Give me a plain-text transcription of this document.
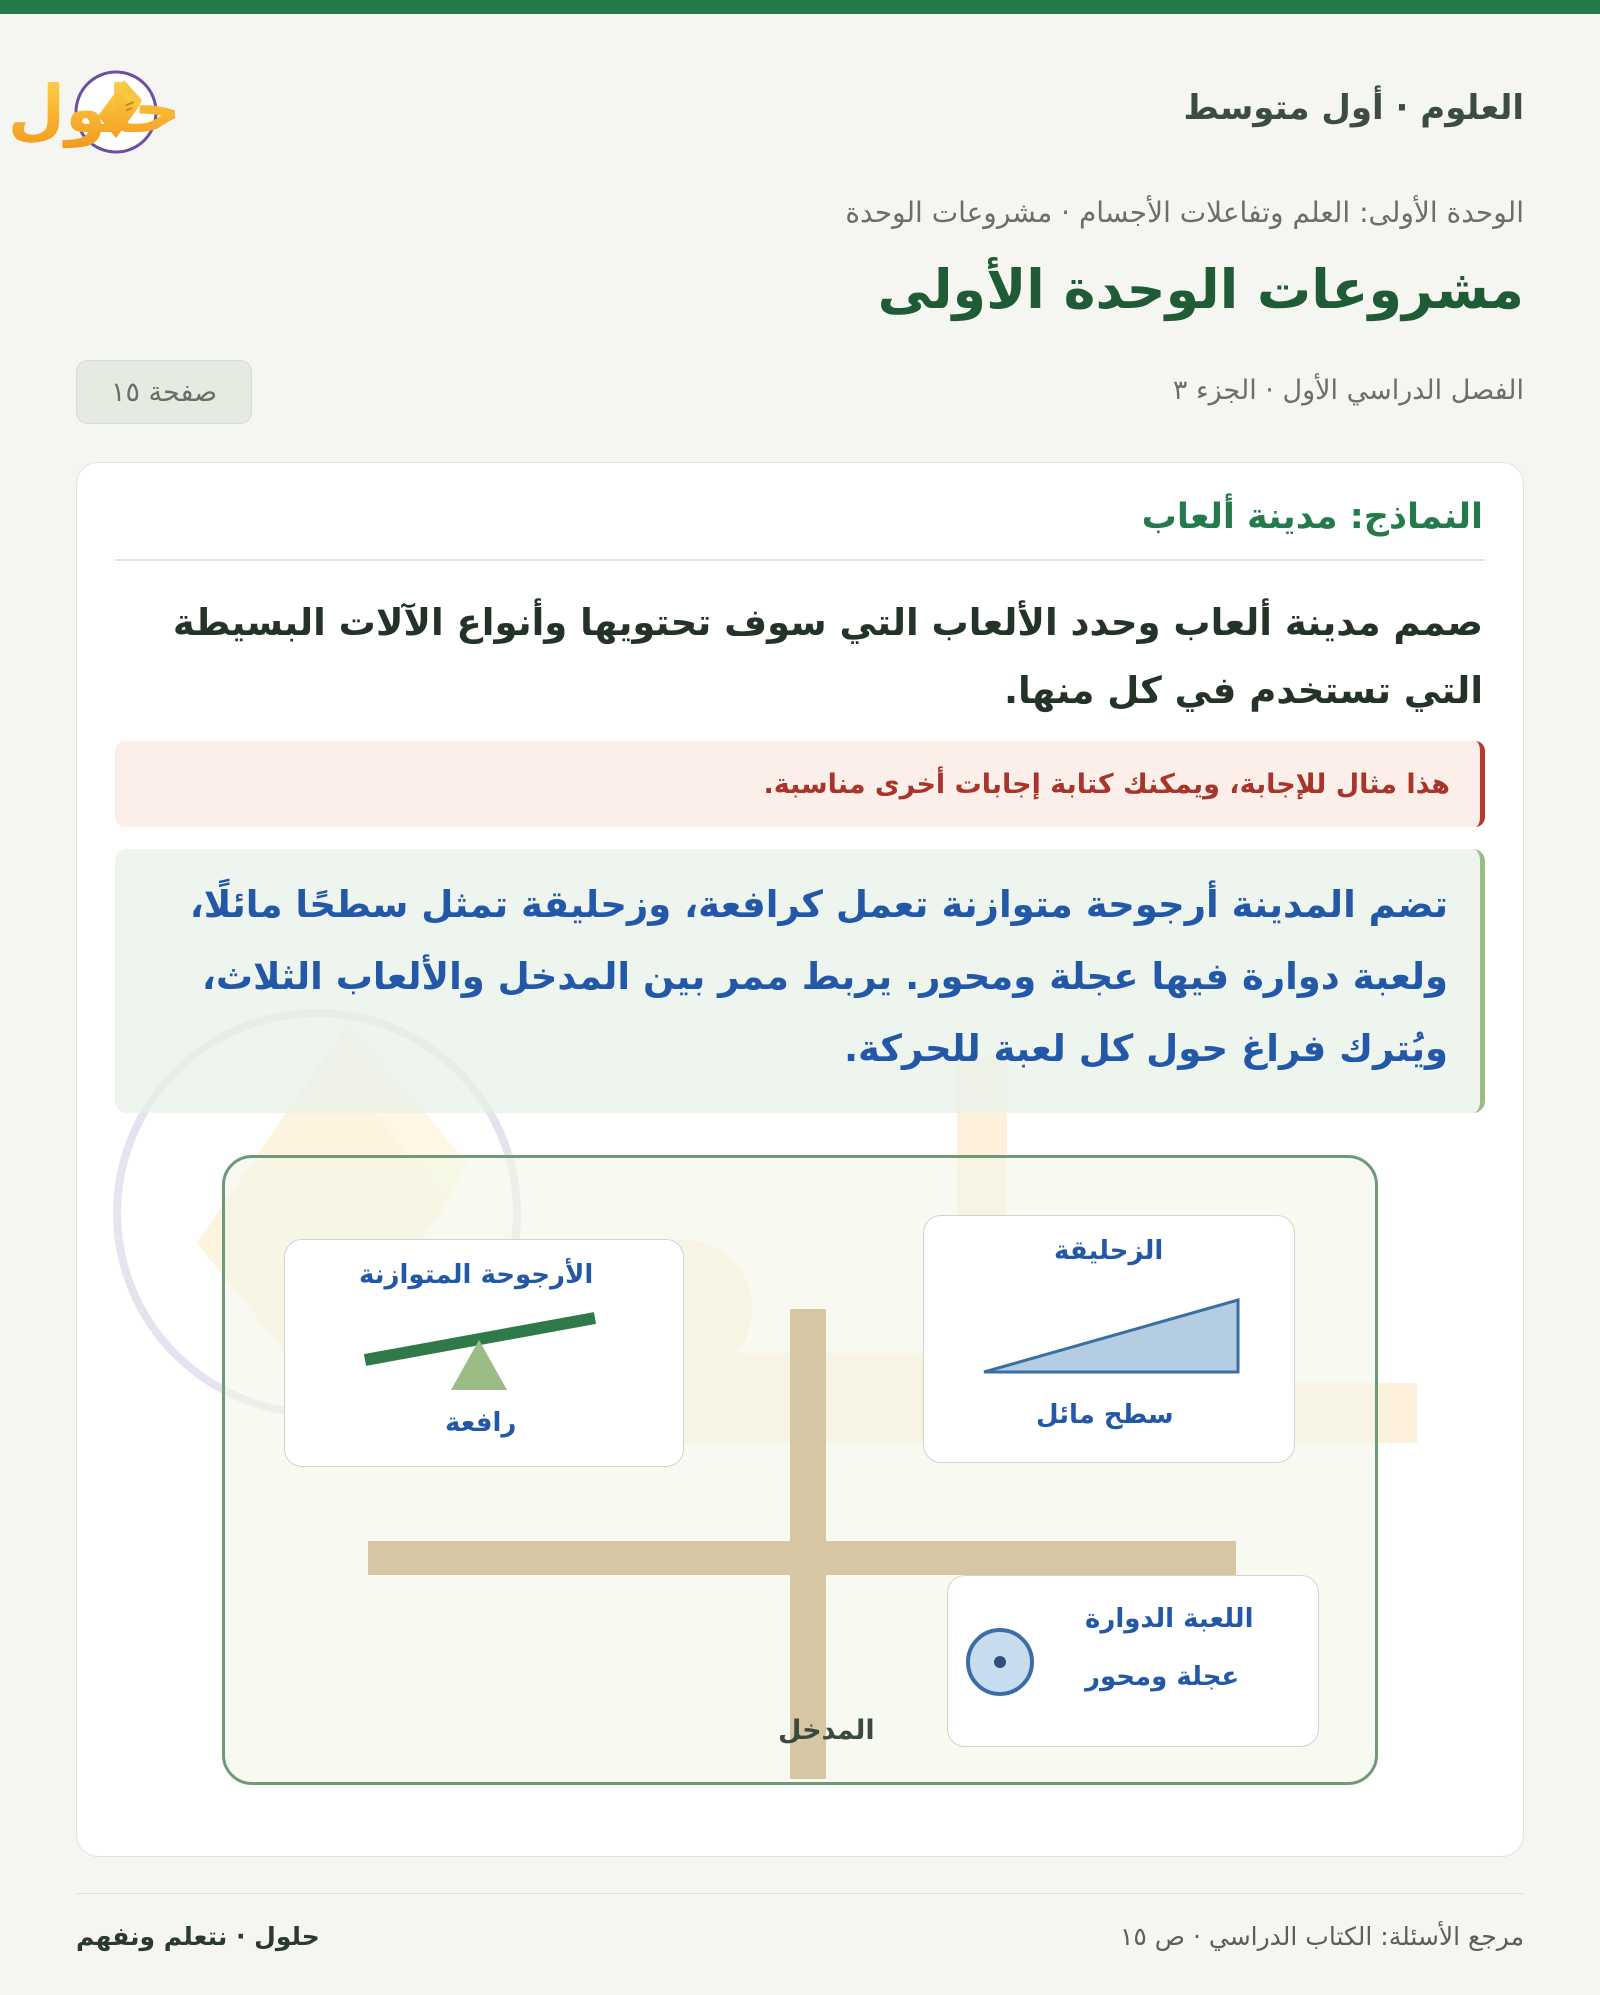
العلوم · أول متوسط
حلول
الوحدة الأولى: العلم وتفاعلات الأجسام · مشروعات الوحدة
مشروعات الوحدة الأولى
الفصل الدراسي الأول · الجزء ٣
صفحة ١٥
النماذج: مدينة ألعاب

صمم مدينة ألعاب وحدد الألعاب التي سوف تحتويها وأنواع الآلات البسيطة التي تستخدم في كل منها.

هذا مثال للإجابة، ويمكنك كتابة إجابات أخرى مناسبة.
تضم المدينة أرجوحة متوازنة تعمل كرافعة، وزحليقة تمثل سطحًا مائلًا، ولعبة دوارة فيها عجلة ومحور. يربط ممر بين المدخل والألعاب الثلاث، ويُترك فراغ حول كل لعبة للحركة.
الأرجوحة المتوازنة
رافعة
الزحليقة
سطح مائل
اللعبة الدوارة
عجلة ومحور
المدخل
مرجع الأسئلة: الكتاب الدراسي · ص ١٥
حلول · نتعلم ونفهم
